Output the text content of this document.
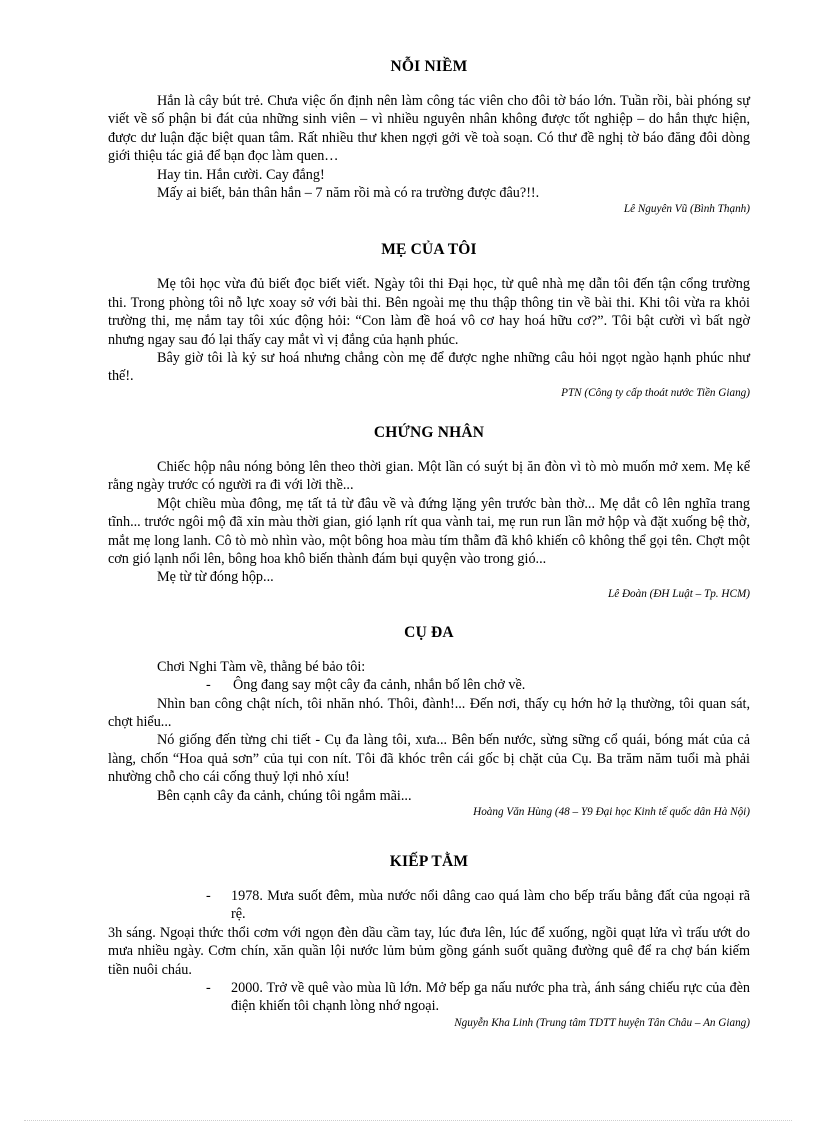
NỖI NIỀM

Hắn là cây bút trẻ. Chưa việc ổn định nên làm công tác viên cho đôi tờ báo lớn. Tuần rồi, bài phóng sự viết về số phận bi đát của những sinh viên – vì nhiều nguyên nhân không được tốt nghiệp – do hắn thực hiện, được dư luận đặc biệt quan tâm. Rất nhiều thư khen ngợi gởi về toà soạn. Có thư đề nghị tờ báo đăng đôi dòng giới thiệu tác giả để bạn đọc làm quen…

Hay tin. Hắn cười. Cay đắng!

Mấy ai biết, bản thân hắn – 7 năm rồi mà có ra trường được đâu?!!.

Lê Nguyên Vũ (Bình Thạnh)
MẸ CỦA TÔI

Mẹ tôi học vừa đủ biết đọc biết viết. Ngày tôi thi Đại học, từ quê nhà mẹ dẫn tôi đến tận cổng trường thi. Trong phòng tôi nỗ lực xoay sở với bài thi. Bên ngoài mẹ thu thập thông tin về bài thi. Khi tôi vừa ra khỏi trường thi, mẹ nắm tay tôi xúc động hỏi: “Con làm đề hoá vô cơ hay hoá hữu cơ?”. Tôi bật cười vì bất ngờ nhưng ngay sau đó lại thấy cay mắt vì vị đắng của hạnh phúc.

Bây giờ tôi là kỷ sư hoá nhưng chẳng còn mẹ để được nghe những câu hỏi ngọt ngào hạnh phúc như thế!.

PTN (Công ty cấp thoát nước Tiền Giang)
CHỨNG NHÂN

Chiếc hộp nâu nóng bỏng lên theo thời gian. Một lần có suýt bị ăn đòn vì tò mò muốn mở xem. Mẹ kể rằng ngày trước có người ra đi với lời thề...

Một chiều mùa đông, mẹ tất tả từ đâu về và đứng lặng yên trước bàn thờ... Mẹ dắt cô lên nghĩa trang tĩnh... trước ngôi mộ đã xỉn màu thời gian, gió lạnh rít qua vành tai, mẹ run run lần mở hộp và đặt xuống bệ thờ, mắt mẹ long lanh. Cô tò mò nhìn vào, một bông hoa màu tím thẫm đã khô khiến cô không thể gọi tên. Chợt một cơn gió lạnh nổi lên, bông hoa khô biến thành đám bụi quyện vào trong gió...

Mẹ từ từ đóng hộp...

Lê Đoàn (ĐH Luật – Tp. HCM)
CỤ ĐA

Chơi Nghi Tàm về, thằng bé bảo tôi:

-	Ông đang say một cây đa cảnh, nhắn bố lên chở về.

Nhìn ban công chật ních, tôi nhăn nhó. Thôi, đành!... Đến nơi, thấy cụ hớn hở lạ thường, tôi quan sát, chợt hiểu...

Nó giống đến từng chi tiết - Cụ đa làng tôi, xưa... Bên bến nước, sừng sững cổ quái, bóng mát của cả làng, chốn “Hoa quả sơn” của tụi con nít. Tôi đã khóc trên cái gốc bị chặt của Cụ. Ba trăm năm tuổi mà phải nhường chỗ cho cái cống thuỷ lợi nhỏ xíu!

Bên cạnh cây đa cảnh, chúng tôi ngắm mãi...

Hoàng Văn Hùng (48 – Y9 Đại học Kinh tế quốc dân Hà Nội)
KIẾP TẰM
-	1978. Mưa suốt đêm, mùa nước nổi dâng cao quá làm cho bếp trấu bằng đất của ngoại rã rệ.

3h sáng. Ngoại thức thổi cơm với ngọn đèn dầu cầm tay, lúc đưa lên, lúc để xuống, ngồi quạt lửa vì trấu ướt do mưa nhiều ngày. Cơm chín, xăn quần lội nước lủm bủm gồng gánh suốt quãng đường quê để ra chợ bán kiếm tiền nuôi cháu.

-	2000. Trở về quê vào mùa lũ lớn. Mở bếp ga nấu nước pha trà, ánh sáng chiếu rực của đèn điện khiến tôi chạnh lòng nhớ ngoại.
Nguyễn Kha Linh (Trung tâm TDTT huyện Tân Châu – An Giang)
